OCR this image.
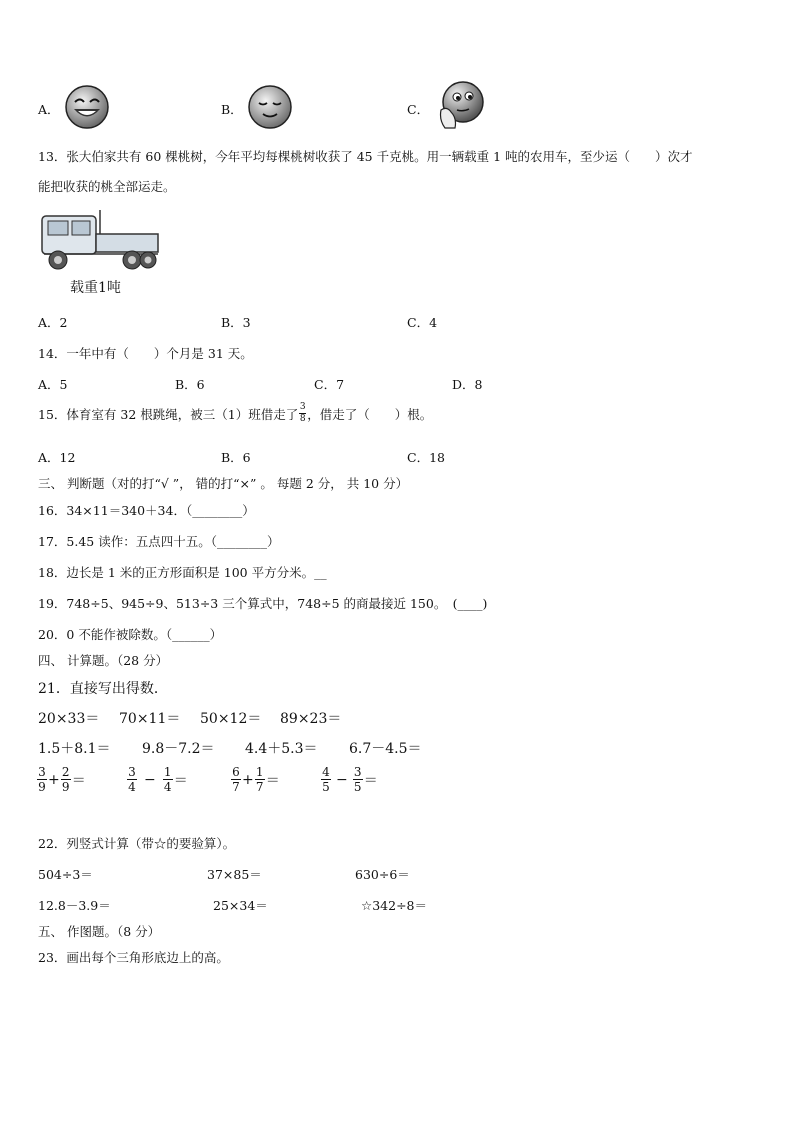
A．	B．	C．
13．张大伯家共有 60 棵桃树，今年平均每棵桃树收获了 45 千克桃。用一辆载重 1 吨的农用车，至少运（　　）次才
能把收获的桃全部运走。
载重1吨
A．2	B．3	C．4
14．一年中有（　　）个月是 31 天。
A．5	B．6	C．7	D．8
15．体育室有 32 根跳绳，被三（1）班借走了 $\frac{3}{8}$ ，借走了（　　）根。
A．12	B．6	C．18
三、 判断题（对的打“√ ”， 错的打“×” 。 每题 2 分， 共 10 分）
16．34×11＝340＋34．（________）
17．5.45 读作：五点四十五。（________）
18．边长是 1 米的正方形面积是 100 平方分米。__
19．748÷5、945÷9、513÷3 三个算式中，748÷5 的商最接近 150。　(____)
20．0 不能作被除数。（______）
四、 计算题。（28 分）
21．直接写出得数．
20×33＝ 70×11＝ 50×12＝ 89×23＝
1.5＋8.1＝ 9.8－7.2＝ 4.4＋5.3＝ 6.7－4.5＝
$\frac{3}{9} + \frac{2}{9}$ ＝	$\frac{3}{4} - \frac{1}{4}$ ＝	$\frac{6}{7} + \frac{1}{7}$ ＝	$\frac{4}{5} - \frac{3}{5}$ ＝
22．列竖式计算（带☆的要验算）。
504÷3＝	37×85＝	630÷6＝
12.8－3.9＝	25×34＝	☆342÷8＝
五、 作图题。（8 分）
23．画出每个三角形底边上的高。
